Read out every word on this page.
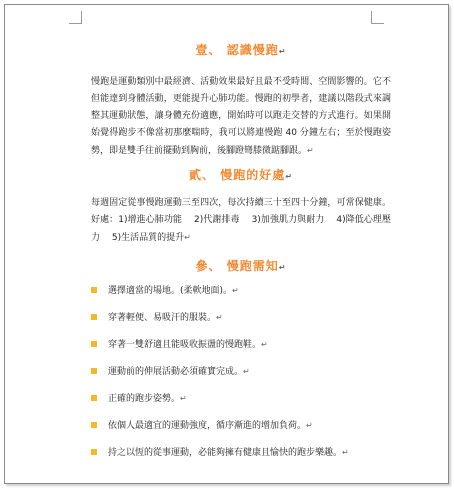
壹、 認識慢跑↵

慢跑是運動類別中最經濟、活動效果最好且最不受時間、空間影響的。它不但能達到身體活動，更能提升心肺功能。慢跑的初學者，建議以階段式來調整其運動狀態，讓身體充份適應，開始時可以跑走交替的方式進行。如果開始覺得跑步不像當初那麼喘時，我可以將連慢跑 40 分鐘左右；至於慢跑姿勢，即是雙手往前擺動到胸前，後腳蹬彎膝微踮腳跟。↵

貳、 慢跑的好處↵

每週固定從事慢跑運動三至四次，每次持續三十至四十分鐘，可常保健康。好處：1)增進心肺功能　 2)代謝排毒　 3)加強肌力與耐力　 4)降低心理壓力　 5)生活品質的提升↵

參、 慢跑需知↵

選擇適當的場地。(柔軟地面)。↵
穿著輕便、易吸汗的服裝。↵
穿著一雙舒適且能吸收振盪的慢跑鞋。↵
運動前的伸展活動必須確實完成。↵
正確的跑步姿勢。↵
依個人最適宜的運動強度，循序漸進的增加負荷。↵
持之以恆的從事運動，必能夠擁有健康且愉快的跑步樂趣。↵
